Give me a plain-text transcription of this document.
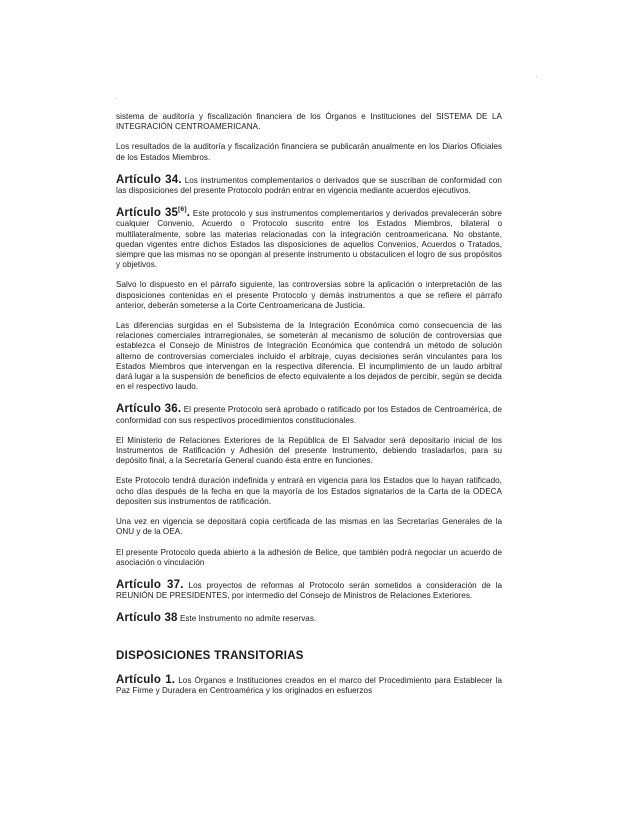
sistema de auditoría y fiscalización financiera de los Órganos e Instituciones del SISTEMA DE LA INTEGRACIÓN CENTROAMERICANA.

Los resultados de la auditoría y fiscalización financiera se publicarán anualmente en los Diarios Oficiales de los Estados Miembros.

Artículo 34. Los instrumentos complementarios o derivados que se suscriban de conformidad con las disposiciones del presente Protocolo podrán entrar en vigencia mediante acuerdos ejecutivos.

Artículo 35[6]. Este protocolo y sus instrumentos complementarios y derivados prevalecerán sobre cualquier Convenio, Acuerdo o Protocolo suscrito entre los Estados Miembros, bilateral o multilateralmente, sobre las materias relacionadas con la integración centroamericana. No obstante, quedan vigentes entre dichos Estados las disposiciones de aquellos Convenios, Acuerdos o Tratados, siempre que las mismas no se opongan al presente instrumento u obstaculicen el logro de sus propósitos y objetivos.

Salvo lo dispuesto en el párrafo siguiente, las controversias sobre la aplicación o interpretación de las disposiciones contenidas en el presente Protocolo y demás instrumentos a que se refiere el párrafo anterior, deberán someterse a la Corte Centroamericana de Justicia.

Las diferencias surgidas en el Subsistema de la Integración Económica como consecuencia de las relaciones comerciales intrarregionales, se someterán al mecanismo de solución de controversias que establezca el Consejo de Ministros de Integración Económica que contendrá un método de solución alterno de controversias comerciales incluido el arbitraje, cuyas decisiones serán vinculantes para los Estados Miembros que intervengan en la respectiva diferencia. El incumplimiento de un laudo arbitral dará lugar a la suspensión de beneficios de efecto equivalente a los dejados de percibir, según se decida en el respectivo laudo.

Artículo 36. El presente Protocolo será aprobado o ratificado por los Estados de Centroamérica, de conformidad con sus respectivos procedimientos constitucionales.

El Ministerio de Relaciones Exteriores de la República de El Salvador será depositario inicial de los Instrumentos de Ratificación y Adhesión del presente Instrumento, debiendo trasladarlos, para su depósito final, a la Secretaría General cuando ésta entre en funciones.

Este Protocolo tendrá duración indefinida y entrará en vigencia para los Estados que lo hayan ratificado, ocho días después de la fecha en que la mayoría de los Estados signatarios de la Carta de la ODECA depositen sus instrumentos de ratificación.

Una vez en vigencia se depositará copia certificada de las mismas en las Secretarías Generales de la ONU y de la OEA.

El presente Protocolo queda abierto a la adhesión de Belice, que también podrá negociar un acuerdo de asociación o vinculación

Artículo 37. Los proyectos de reformas al Protocolo serán sometidos a consideración de la REUNIÓN DE PRESIDENTES, por intermedio del Consejo de Ministros de Relaciones Exteriores.

Artículo 38 Este Instrumento no admite reservas.

DISPOSICIONES TRANSITORIAS

Artículo 1. Los Órganos e Instituciones creados en el marco del Procedimiento para Establecer la Paz Firme y Duradera en Centroamérica y los originados en esfuerzos
